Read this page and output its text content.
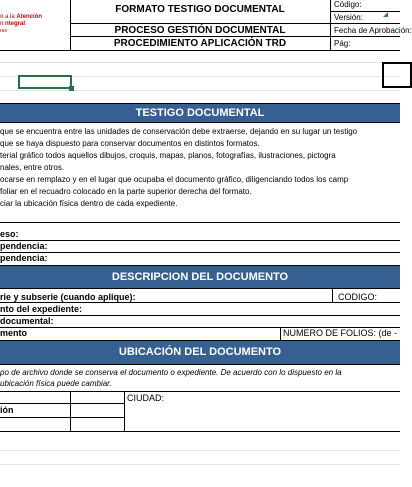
o a la Atención
n ntegral
ras
FORMATO TESTIGO DOCUMENTAL
PROCESO GESTIÓN DOCUMENTAL
PROCEDIMIENTO APLICACIÓN TRD
Código:
Versión:
Fecha de Aprobación:
Pág:
TESTIGO DOCUMENTAL
que se encuentra entre las unidades de conservación debe extraerse, dejando en su lugar un testigo
que se haya dispuesto para conservar documentos en distintos formatos.
terial gráfico todos aquellos dibujos, croquis, mapas, planos, fotografías, ilustraciones, pictogra
nales, entre otros.
ocarse en remplazo y en el lugar que ocupaba el documento gráfico, diligenciando todos los camp
foliar en el recuadro colocado en la parte superior derecha del formato.
ciar la ubicación física dentro de cada expediente.
eso:
pendencia:
pendencia:
DESCRIPCION DEL DOCUMENTO
rie y subserie (cuando aplique):	CODIGO:
nto del expediente:
documental:
mento	NUMERO DE FOLIOS: (de -
UBICACIÓN DEL DOCUMENTO
po de archivo donde se conserva el documento o expediente. De acuerdo con lo dispuesto en la
ubicación física puede cambiar.
ión
CIUDAD:
